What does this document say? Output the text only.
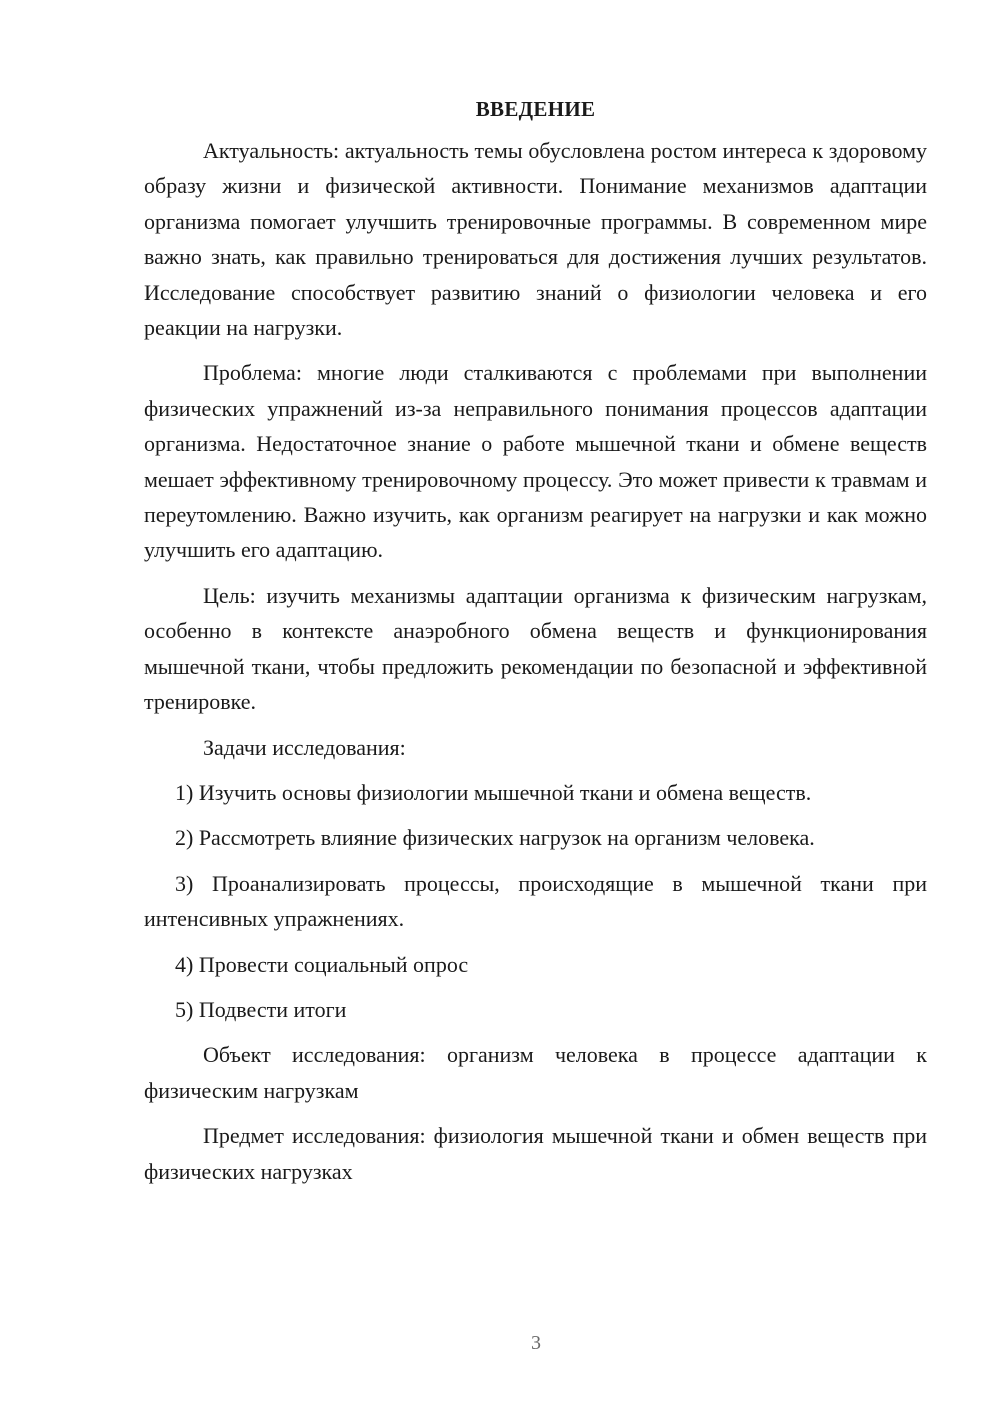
ВВЕДЕНИЕ

Актуальность: актуальность темы обусловлена ростом интереса к здоровому образу жизни и физической активности. Понимание механизмов адаптации организма помогает улучшить тренировочные программы. В современном мире важно знать, как правильно тренироваться для достижения лучших результатов. Исследование способствует развитию знаний о физиологии человека и его реакции на нагрузки.

Проблема: многие люди сталкиваются с проблемами при выполнении физических упражнений из-за неправильного понимания процессов адаптации организма. Недостаточное знание о работе мышечной ткани и обмене веществ мешает эффективному тренировочному процессу. Это может привести к травмам и переутомлению. Важно изучить, как организм реагирует на нагрузки и как можно улучшить его адаптацию.

Цель: изучить механизмы адаптации организма к физическим нагрузкам, особенно в контексте анаэробного обмена веществ и функционирования мышечной ткани, чтобы предложить рекомендации по безопасной и эффективной тренировке.

Задачи исследования:

1) Изучить основы физиологии мышечной ткани и обмена веществ.

2) Рассмотреть влияние физических нагрузок на организм человека.

3) Проанализировать процессы, происходящие в мышечной ткани при интенсивных упражнениях.

4) Провести социальный опрос

5) Подвести итоги

Объект исследования: организм человека в процессе адаптации к физическим нагрузкам

Предмет исследования: физиология мышечной ткани и обмен веществ при физических нагрузках

3
